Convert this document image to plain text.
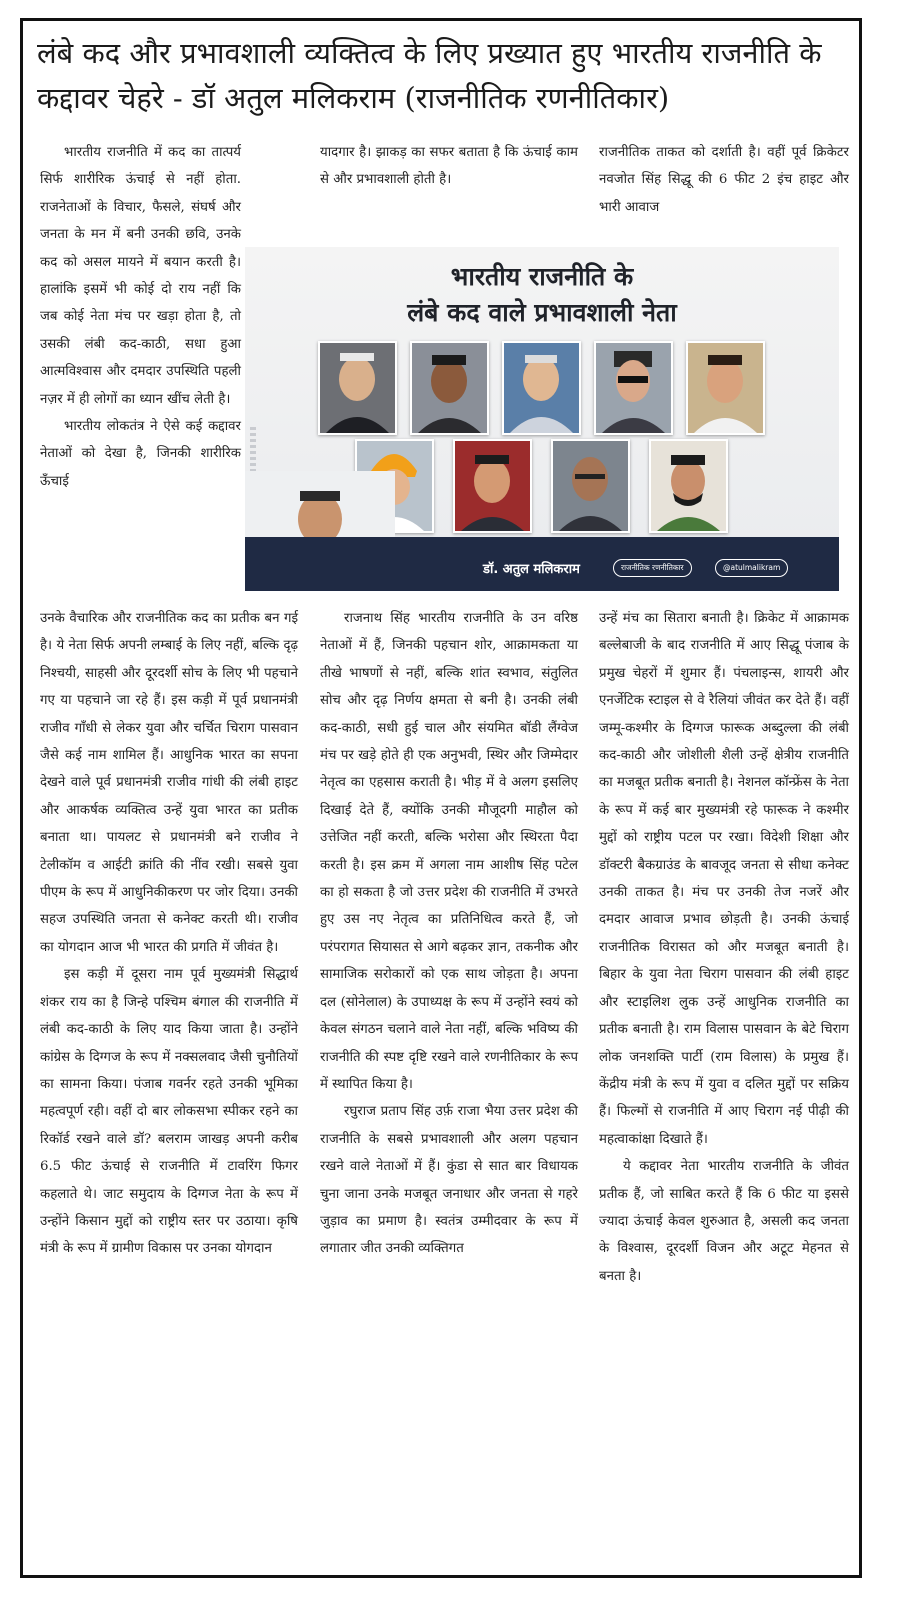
लंबे कद और प्रभावशाली व्यक्तित्व के लिए प्रख्यात हुए भारतीय राजनीति के कद्दावर चेहरे - डॉ अतुल मलिकराम (राजनीतिक रणनीतिकार)

भारतीय राजनीति में कद का तात्पर्य सिर्फ शारीरिक ऊंचाई से नहीं होता. राजनेताओं के विचार, फैसले, संघर्ष और जनता के मन में बनी उनकी छवि, उनके कद को असल मायने में बयान करती है। हालांकि इसमें भी कोई दो राय नहीं कि जब कोई नेता मंच पर खड़ा होता है, तो उसकी लंबी कद-काठी, सधा हुआ आत्मविश्वास और दमदार उपस्थिति पहली नज़र में ही लोगों का ध्यान खींच लेती है।

भारतीय लोकतंत्र ने ऐसे कई कद्दावर नेताओं को देखा है, जिनकी शारीरिक ऊँचाई

उनके वैचारिक और राजनीतिक कद का प्रतीक बन गई है। ये नेता सिर्फ अपनी लम्बाई के लिए नहीं, बल्कि दृढ़ निश्चयी, साहसी और दूरदर्शी सोच के लिए भी पहचाने गए या पहचाने जा रहे हैं। इस कड़ी में पूर्व प्रधानमंत्री राजीव गाँधी से लेकर युवा और चर्चित चिराग पासवान जैसे कई नाम शामिल हैं। आधुनिक भारत का सपना देखने वाले पूर्व प्रधानमंत्री राजीव गांधी की लंबी हाइट और आकर्षक व्यक्तित्व उन्हें युवा भारत का प्रतीक बनाता था। पायलट से प्रधानमंत्री बने राजीव ने टेलीकॉम व आईटी क्रांति की नींव रखी। सबसे युवा पीएम के रूप में आधुनिकीकरण पर जोर दिया। उनकी सहज उपस्थिति जनता से कनेक्ट करती थी। राजीव का योगदान आज भी भारत की प्रगति में जीवंत है।

इस कड़ी में दूसरा नाम पूर्व मुख्यमंत्री सिद्धार्थ शंकर राय का है जिन्हे पश्चिम बंगाल की राजनीति में लंबी कद-काठी के लिए याद किया जाता है। उन्होंने कांग्रेस के दिग्गज के रूप में नक्सलवाद जैसी चुनौतियों का सामना किया। पंजाब गवर्नर रहते उनकी भूमिका महत्वपूर्ण रही। वहीं दो बार लोकसभा स्पीकर रहने का रिकॉर्ड रखने वाले डॉ? बलराम जाखड़ अपनी करीब 6.5 फीट ऊंचाई से राजनीति में टावरिंग फिगर कहलाते थे। जाट समुदाय के दिग्गज नेता के रूप में उन्होंने किसान मुद्दों को राष्ट्रीय स्तर पर उठाया। कृषि मंत्री के रूप में ग्रामीण विकास पर उनका योगदान

यादगार है। झाकड़ का सफर बताता है कि ऊंचाई काम से और प्रभावशाली होती है।

राजनाथ सिंह भारतीय राजनीति के उन वरिष्ठ नेताओं में हैं, जिनकी पहचान शोर, आक्रामकता या तीखे भाषणों से नहीं, बल्कि शांत स्वभाव, संतुलित सोच और दृढ़ निर्णय क्षमता से बनी है। उनकी लंबी कद-काठी, सधी हुई चाल और संयमित बॉडी लैंग्वेज मंच पर खड़े होते ही एक अनुभवी, स्थिर और जिम्मेदार नेतृत्व का एहसास कराती है। भीड़ में वे अलग इसलिए दिखाई देते हैं, क्योंकि उनकी मौजूदगी माहौल को उत्तेजित नहीं करती, बल्कि भरोसा और स्थिरता पैदा करती है। इस क्रम में अगला नाम आशीष सिंह पटेल का हो सकता है जो उत्तर प्रदेश की राजनीति में उभरते हुए उस नए नेतृत्व का प्रतिनिधित्व करते हैं, जो परंपरागत सियासत से आगे बढ़कर ज्ञान, तकनीक और सामाजिक सरोकारों को एक साथ जोड़ता है। अपना दल (सोनेलाल) के उपाध्यक्ष के रूप में उन्होंने स्वयं को केवल संगठन चलाने वाले नेता नहीं, बल्कि भविष्य की राजनीति की स्पष्ट दृष्टि रखने वाले रणनीतिकार के रूप में स्थापित किया है।

रघुराज प्रताप सिंह उर्फ़ राजा भैया उत्तर प्रदेश की राजनीति के सबसे प्रभावशाली और अलग पहचान रखने वाले नेताओं में हैं। कुंडा से सात बार विधायक चुना जाना उनके मजबूत जनाधार और जनता से गहरे जुड़ाव का प्रमाण है। स्वतंत्र उम्मीदवार के रूप में लगातार जीत उनकी व्यक्तिगत

राजनीतिक ताकत को दर्शाती है। वहीं पूर्व क्रिकेटर नवजोत सिंह सिद्धू की 6 फीट 2 इंच हाइट और भारी आवाज

उन्हें मंच का सितारा बनाती है। क्रिकेट में आक्रामक बल्लेबाजी के बाद राजनीति में आए सिद्धू पंजाब के प्रमुख चेहरों में शुमार हैं। पंचलाइन्स, शायरी और एनर्जेटिक स्टाइल से वे रैलियां जीवंत कर देते हैं। वहीं जम्मू-कश्मीर के दिग्गज फारूक अब्दुल्ला की लंबी कद-काठी और जोशीली शैली उन्हें क्षेत्रीय राजनीति का मजबूत प्रतीक बनाती है। नेशनल कॉन्फ्रेंस के नेता के रूप में कई बार मुख्यमंत्री रहे फारूक ने कश्मीर मुद्दों को राष्ट्रीय पटल पर रखा। विदेशी शिक्षा और डॉक्टरी बैकग्राउंड के बावजूद जनता से सीधा कनेक्ट उनकी ताकत है। मंच पर उनकी तेज नजरें और दमदार आवाज प्रभाव छोड़ती है। उनकी ऊंचाई राजनीतिक विरासत को और मजबूत बनाती है। बिहार के युवा नेता चिराग पासवान की लंबी हाइट और स्टाइलिश लुक उन्हें आधुनिक राजनीति का प्रतीक बनाती है। राम विलास पासवान के बेटे चिराग लोक जनशक्ति पार्टी (राम विलास) के प्रमुख हैं। केंद्रीय मंत्री के रूप में युवा व दलित मुद्दों पर सक्रिय हैं। फिल्मों से राजनीति में आए चिराग नई पीढ़ी की महत्वाकांक्षा दिखाते हैं।

ये कद्दावर नेता भारतीय राजनीति के जीवंत प्रतीक हैं, जो साबित करते हैं कि 6 फीट या इससे ज्यादा ऊंचाई केवल शुरुआत है, असली कद जनता के विश्वास, दूरदर्शी विजन और अटूट मेहनत से बनता है।

भारतीय राजनीति के
लंबे कद वाले प्रभावशाली नेता
डॉ. अतुल मलिकराम	राजनीतिक रणनीतिकार	@atulmalikram
